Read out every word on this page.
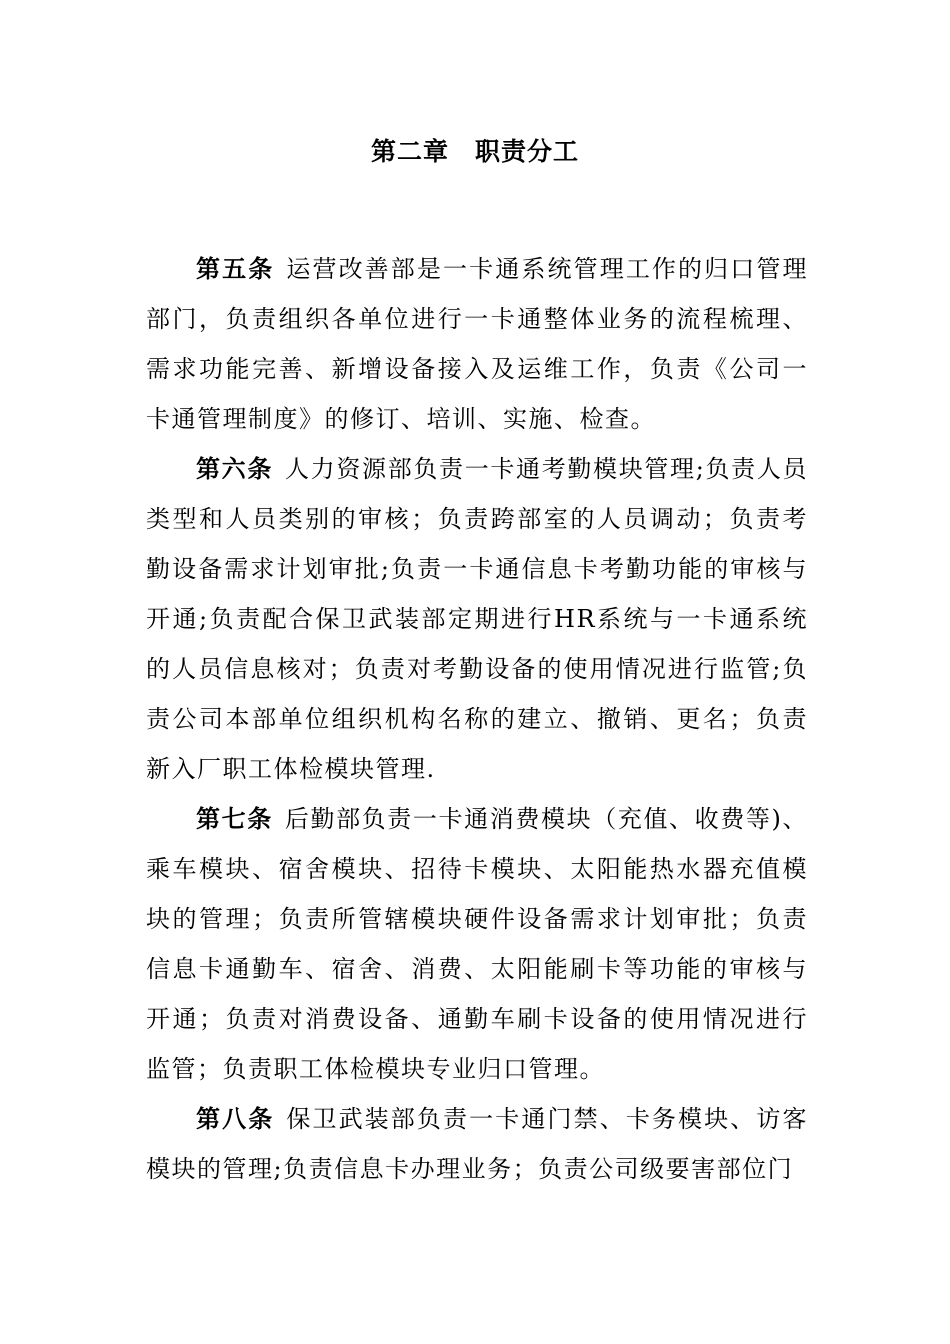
第二章　职责分工

第五条 运营改善部是一卡通系统管理工作的归口管理部门，负责组织各单位进行一卡通整体业务的流程梳理、需求功能完善、新增设备接入及运维工作，负责《公司一卡通管理制度》的修订、培训、实施、检查。

第六条 人力资源部负责一卡通考勤模块管理;负责人员类型和人员类别的审核；负责跨部室的人员调动；负责考勤设备需求计划审批;负责一卡通信息卡考勤功能的审核与开通;负责配合保卫武装部定期进行HR系统与一卡通系统的人员信息核对；负责对考勤设备的使用情况进行监管;负责公司本部单位组织机构名称的建立、撤销、更名；负责新入厂职工体检模块管理.

第七条 后勤部负责一卡通消费模块（充值、收费等)、乘车模块、宿舍模块、招待卡模块、太阳能热水器充值模块的管理；负责所管辖模块硬件设备需求计划审批；负责信息卡通勤车、宿舍、消费、太阳能刷卡等功能的审核与开通；负责对消费设备、通勤车刷卡设备的使用情况进行监管；负责职工体检模块专业归口管理。

第八条 保卫武装部负责一卡通门禁、卡务模块、访客模块的管理;负责信息卡办理业务；负责公司级要害部位门
